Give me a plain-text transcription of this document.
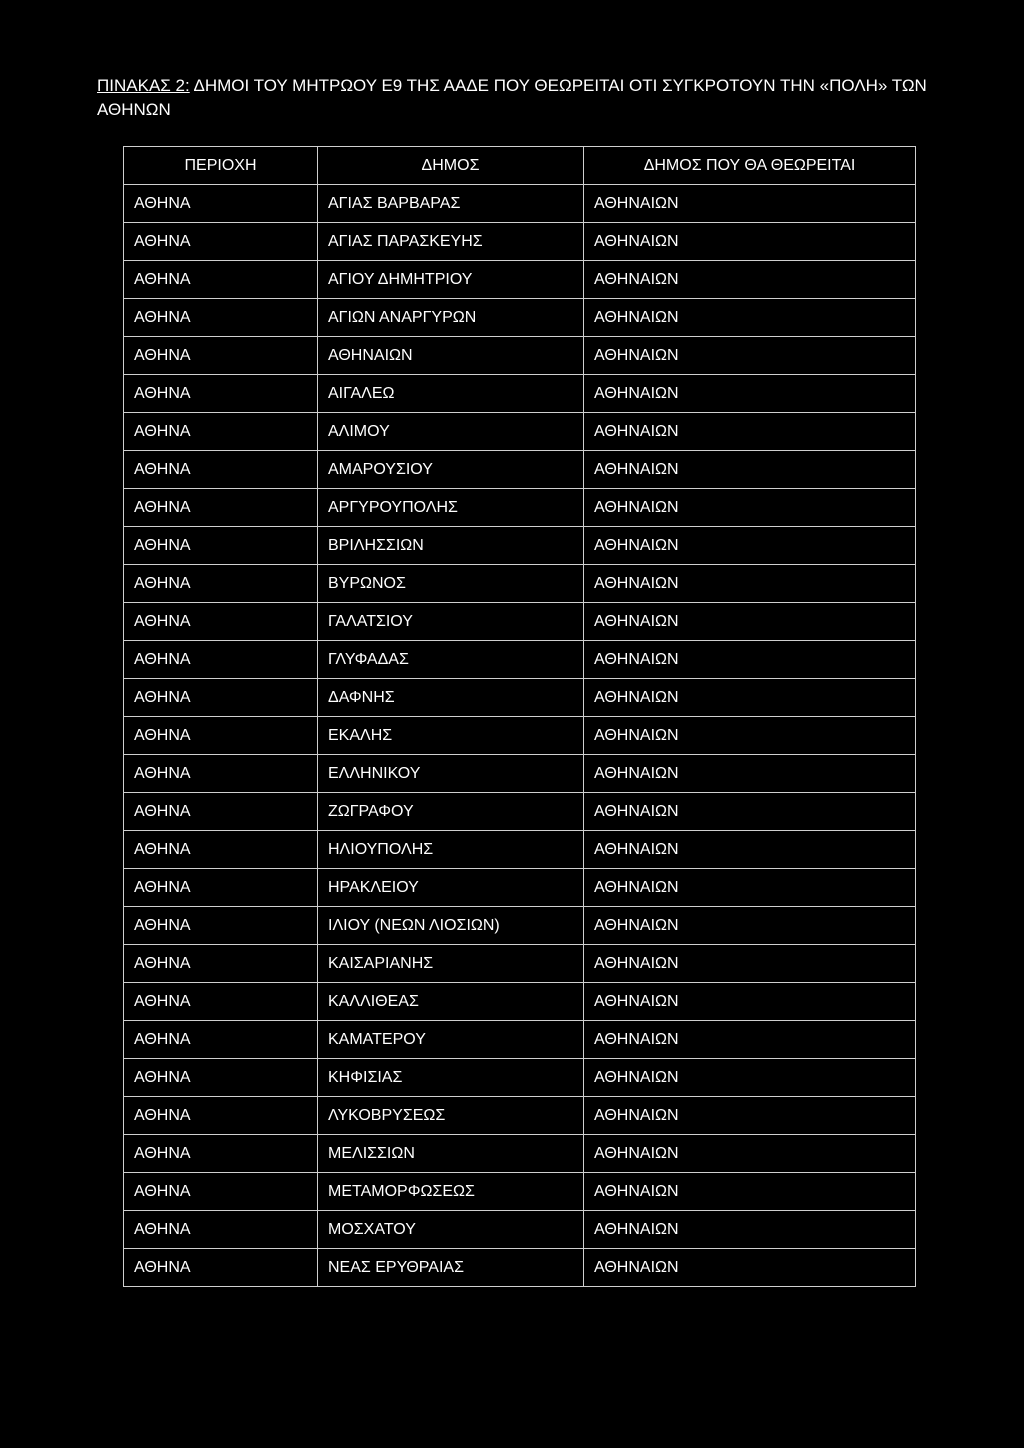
ΠΙΝΑΚΑΣ 2: ΔΗΜΟΙ ΤΟΥ ΜΗΤΡΩΟΥ Ε9 ΤΗΣ ΑΑΔΕ ΠΟΥ ΘΕΩΡΕΙΤΑΙ ΟΤΙ ΣΥΓΚΡΟΤΟΥΝ ΤΗΝ «ΠΟΛΗ» ΤΩΝ ΑΘΗΝΩΝ
ΠΕΡΙΟΧΗ	ΔΗΜΟΣ	ΔΗΜΟΣ ΠΟΥ ΘΑ ΘΕΩΡΕΙΤΑΙ
ΑΘΗΝΑ	ΑΓΙΑΣ ΒΑΡΒΑΡΑΣ	ΑΘΗΝΑΙΩΝ
ΑΘΗΝΑ	ΑΓΙΑΣ ΠΑΡΑΣΚΕΥΗΣ	ΑΘΗΝΑΙΩΝ
ΑΘΗΝΑ	ΑΓΙΟΥ ΔΗΜΗΤΡΙΟΥ	ΑΘΗΝΑΙΩΝ
ΑΘΗΝΑ	ΑΓΙΩΝ ΑΝΑΡΓΥΡΩΝ	ΑΘΗΝΑΙΩΝ
ΑΘΗΝΑ	ΑΘΗΝΑΙΩΝ	ΑΘΗΝΑΙΩΝ
ΑΘΗΝΑ	ΑΙΓΑΛΕΩ	ΑΘΗΝΑΙΩΝ
ΑΘΗΝΑ	ΑΛΙΜΟΥ	ΑΘΗΝΑΙΩΝ
ΑΘΗΝΑ	ΑΜΑΡΟΥΣΙΟΥ	ΑΘΗΝΑΙΩΝ
ΑΘΗΝΑ	ΑΡΓΥΡΟΥΠΟΛΗΣ	ΑΘΗΝΑΙΩΝ
ΑΘΗΝΑ	ΒΡΙΛΗΣΣΙΩΝ	ΑΘΗΝΑΙΩΝ
ΑΘΗΝΑ	ΒΥΡΩΝΟΣ	ΑΘΗΝΑΙΩΝ
ΑΘΗΝΑ	ΓΑΛΑΤΣΙΟΥ	ΑΘΗΝΑΙΩΝ
ΑΘΗΝΑ	ΓΛΥΦΑΔΑΣ	ΑΘΗΝΑΙΩΝ
ΑΘΗΝΑ	ΔΑΦΝΗΣ	ΑΘΗΝΑΙΩΝ
ΑΘΗΝΑ	ΕΚΑΛΗΣ	ΑΘΗΝΑΙΩΝ
ΑΘΗΝΑ	ΕΛΛΗΝΙΚΟΥ	ΑΘΗΝΑΙΩΝ
ΑΘΗΝΑ	ΖΩΓΡΑΦΟΥ	ΑΘΗΝΑΙΩΝ
ΑΘΗΝΑ	ΗΛΙΟΥΠΟΛΗΣ	ΑΘΗΝΑΙΩΝ
ΑΘΗΝΑ	ΗΡΑΚΛΕΙΟΥ	ΑΘΗΝΑΙΩΝ
ΑΘΗΝΑ	ΙΛΙΟΥ (ΝΕΩΝ ΛΙΟΣΙΩΝ)	ΑΘΗΝΑΙΩΝ
ΑΘΗΝΑ	ΚΑΙΣΑΡΙΑΝΗΣ	ΑΘΗΝΑΙΩΝ
ΑΘΗΝΑ	ΚΑΛΛΙΘΕΑΣ	ΑΘΗΝΑΙΩΝ
ΑΘΗΝΑ	ΚΑΜΑΤΕΡΟΥ	ΑΘΗΝΑΙΩΝ
ΑΘΗΝΑ	ΚΗΦΙΣΙΑΣ	ΑΘΗΝΑΙΩΝ
ΑΘΗΝΑ	ΛΥΚΟΒΡΥΣΕΩΣ	ΑΘΗΝΑΙΩΝ
ΑΘΗΝΑ	ΜΕΛΙΣΣΙΩΝ	ΑΘΗΝΑΙΩΝ
ΑΘΗΝΑ	ΜΕΤΑΜΟΡΦΩΣΕΩΣ	ΑΘΗΝΑΙΩΝ
ΑΘΗΝΑ	ΜΟΣΧΑΤΟΥ	ΑΘΗΝΑΙΩΝ
ΑΘΗΝΑ	ΝΕΑΣ ΕΡΥΘΡΑΙΑΣ	ΑΘΗΝΑΙΩΝ
